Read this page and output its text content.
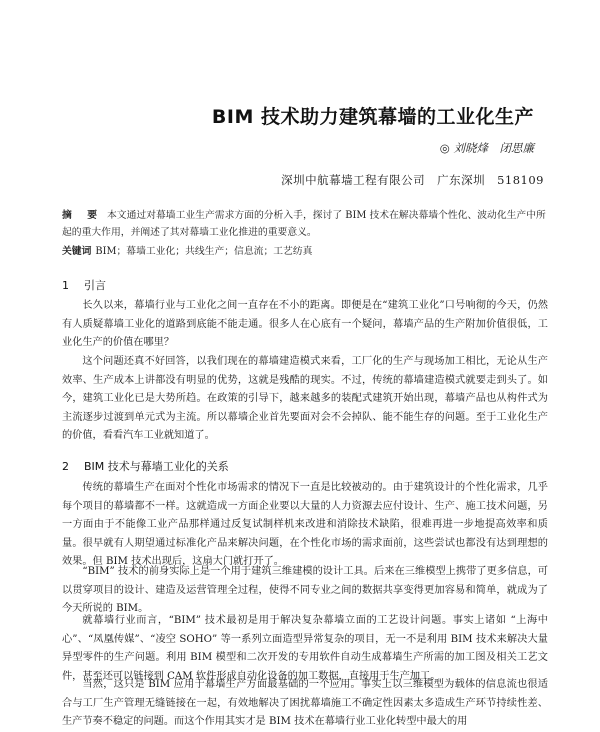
BIM 技术助力建筑幕墙的工业化生产
◎ 刘晓烽　闭思廉
深圳中航幕墙工程有限公司　广东深圳　518109
摘 要 本文通过对幕墙工业生产需求方面的分析入手，探讨了 BIM 技术在解决幕墙个性化、波动化生产中所起的重大作用，并阐述了其对幕墙工业化推进的重要意义。
关键词 BIM；幕墙工业化；共线生产；信息流；工艺纺真
1 引言

长久以来，幕墙行业与工业化之间一直存在不小的距离。即便是在“建筑工业化”口号响彻的今天，仍然有人质疑幕墙工业化的道路到底能不能走通。很多人在心底有一个疑问，幕墙产品的生产附加价值很低，工业化生产的价值在哪里？

这个问题还真不好回答，以我们现在的幕墙建造模式来看，工厂化的生产与现场加工相比，无论从生产效率、生产成本上讲都没有明显的优势，这就是残酷的现实。不过，传统的幕墙建造模式就要走到头了。如今，建筑工业化已是大势所趋。在政策的引导下，越来越多的装配式建筑开始出现，幕墙产品也从构件式为主流逐步过渡到单元式为主流。所以幕墙企业首先要面对会不会掉队、能不能生存的问题。至于工业化生产的价值，看看汽车工业就知道了。

2 BIM 技术与幕墙工业化的关系

传统的幕墙生产在面对个性化市场需求的情况下一直是比较被动的。由于建筑设计的个性化需求，几乎每个项目的幕墙都不一样。这就造成一方面企业要以大量的人力资源去应付设计、生产、施工技术问题，另一方面由于不能像工业产品那样通过反复试制样机来改进和消除技术缺陷，很难再进一步地提高效率和质量。很早就有人期望通过标准化产品来解决问题，在个性化市场的需求面前，这些尝试也都没有达到理想的效果。但 BIM 技术出现后，这扇大门就打开了。

“BIM” 技术的前身实际上是一个用于建筑三维建模的设计工具。后来在三维模型上携带了更多信息，可以贯穿项目的设计、建造及运营管理全过程，使得不同专业之间的数据共享变得更加容易和简单，就成为了今天所说的 BIM。

就幕墙行业而言，“BIM” 技术最初是用于解决复杂幕墙立面的工艺设计问题。事实上诸如 “上海中心”、“凤凰传媒”、“凌空 SOHO” 等一系列立面造型异常复杂的项目，无一不是利用 BIM 技术来解决大量异型零件的生产问题。利用 BIM 模型和二次开发的专用软件自动生成幕墙生产所需的加工图及相关工艺文件，甚至还可以链接到 CAM 软件形成自动化设备的加工数据，直接用于生产加工。

当然，这只是 BIM 应用于幕墙生产方面最基础的一个应用。事实上以三维模型为载体的信息流也很适合与工厂生产管理无缝链接在一起，有效地解决了困扰幕墙施工不确定性因素太多造成生产环节持续性差、生产节奏不稳定的问题。而这个作用其实才是 BIM 技术在幕墙行业工业化转型中最大的用
